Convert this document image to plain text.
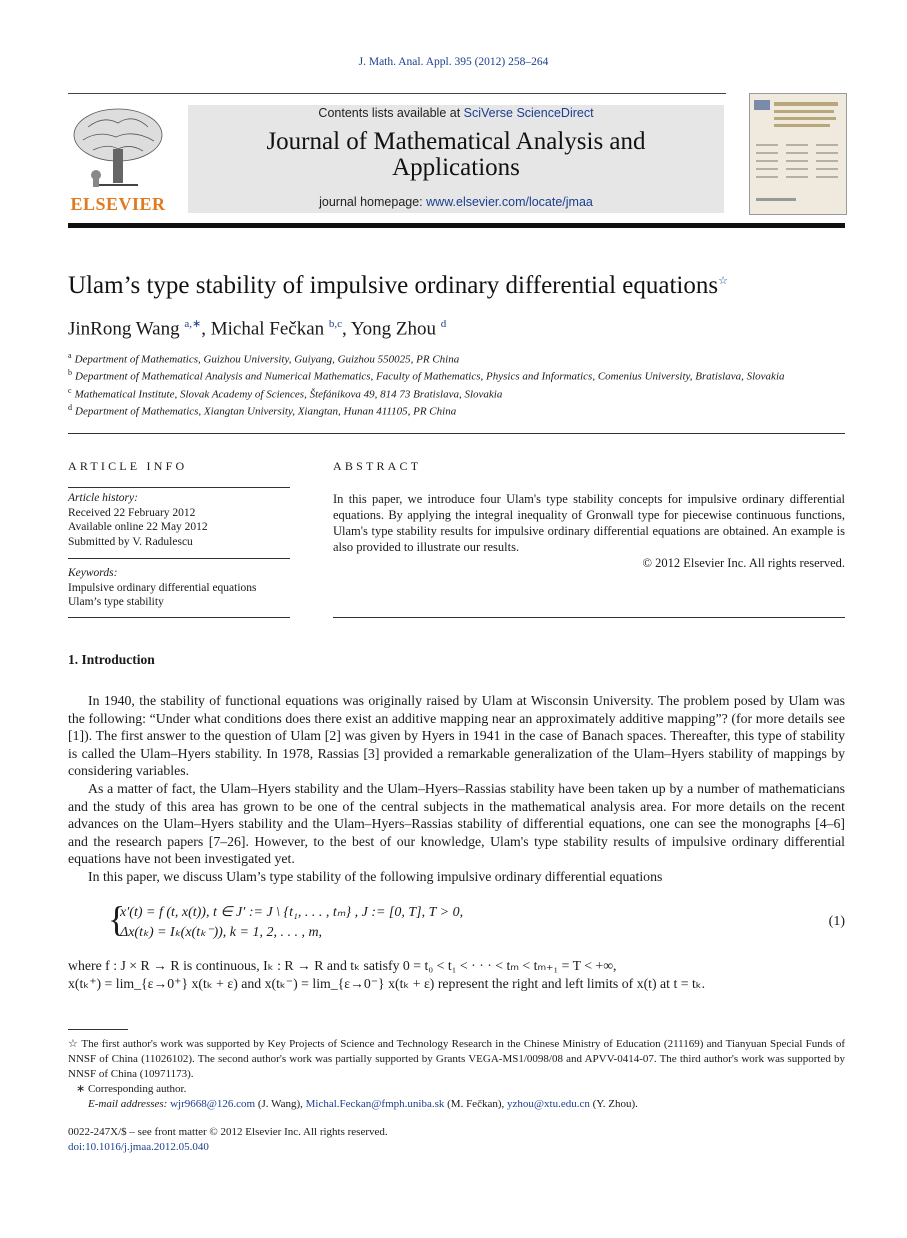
J. Math. Anal. Appl. 395 (2012) 258–264
ELSEVIER
Contents lists available at SciVerse ScienceDirect
Journal of Mathematical Analysis and
Applications
journal homepage: www.elsevier.com/locate/jmaa
Ulam’s type stability of impulsive ordinary differential equations☆
JinRong Wang $^{a,∗}$, Michal Fečkan $^{b,c}$, Yong Zhou $^d$
$^a$ Department of Mathematics, Guizhou University, Guiyang, Guizhou 550025, PR China
$^b$ Department of Mathematical Analysis and Numerical Mathematics, Faculty of Mathematics, Physics and Informatics, Comenius University, Bratislava, Slovakia
$^c$ Mathematical Institute, Slovak Academy of Sciences, Štefánikova 49, 814 73 Bratislava, Slovakia
$^d$ Department of Mathematics, Xiangtan University, Xiangtan, Hunan 411105, PR China
ARTICLE INFO
Article history:
Received 22 February 2012
Available online 22 May 2012
Submitted by V. Radulescu
Keywords:
Impulsive ordinary differential equations
Ulam’s type stability
ABSTRACT
In this paper, we introduce four Ulam's type stability concepts for impulsive ordinary differential equations. By applying the integral inequality of Gronwall type for piecewise continuous functions, Ulam's type stability results for impulsive ordinary differential equations are obtained. An example is also provided to illustrate our results.
© 2012 Elsevier Inc. All rights reserved.
1. Introduction

In 1940, the stability of functional equations was originally raised by Ulam at Wisconsin University. The problem posed by Ulam was the following: “Under what conditions does there exist an additive mapping near an approximately additive mapping”? (for more details see [1]). The first answer to the question of Ulam [2] was given by Hyers in 1941 in the case of Banach spaces. Thereafter, this type of stability is called the Ulam–Hyers stability. In 1978, Rassias [3] provided a remarkable generalization of the Ulam–Hyers stability of mappings by considering variables.

As a matter of fact, the Ulam–Hyers stability and the Ulam–Hyers–Rassias stability have been taken up by a number of mathematicians and the study of this area has grown to be one of the central subjects in the mathematical analysis area. For more details on the recent advances on the Ulam–Hyers stability and the Ulam–Hyers–Rassias stability of differential equations, one can see the monographs [4–6] and the research papers [7–26]. However, to the best of our knowledge, Ulam's type stability results of impulsive ordinary differential equations have not been investigated yet.

In this paper, we discuss Ulam’s type stability of the following impulsive ordinary differential equations

{
x′(t) = f (t, x(t)), t ∈ J′ := J \ {t₁, . . . , tₘ} , J := [0, T], T > 0,
Δx(tₖ) = Iₖ(x(tₖ⁻)), k = 1, 2, . . . , m,
(1)
where f : J × R → R is continuous, Iₖ : R → R and tₖ satisfy 0 = t₀ < t₁ < · · · < tₘ < tₘ₊₁ = T < +∞,
x(tₖ⁺) = lim_{ε→0⁺} x(tₖ + ε) and x(tₖ⁻) = lim_{ε→0⁻} x(tₖ + ε) represent the right and left limits of x(t) at t = tₖ.
☆ The first author's work was supported by Key Projects of Science and Technology Research in the Chinese Ministry of Education (211169) and Tianyuan Special Funds of NNSF of China (11026102). The second author's work was partially supported by Grants VEGA-MS1/0098/08 and APVV-0414-07. The third author's work was supported by NNSF of China (10971173).
∗ Corresponding author.
E-mail addresses: wjr9668@126.com (J. Wang), Michal.Feckan@fmph.uniba.sk (M. Fečkan), yzhou@xtu.edu.cn (Y. Zhou).
0022-247X/$ – see front matter © 2012 Elsevier Inc. All rights reserved.
doi:10.1016/j.jmaa.2012.05.040
